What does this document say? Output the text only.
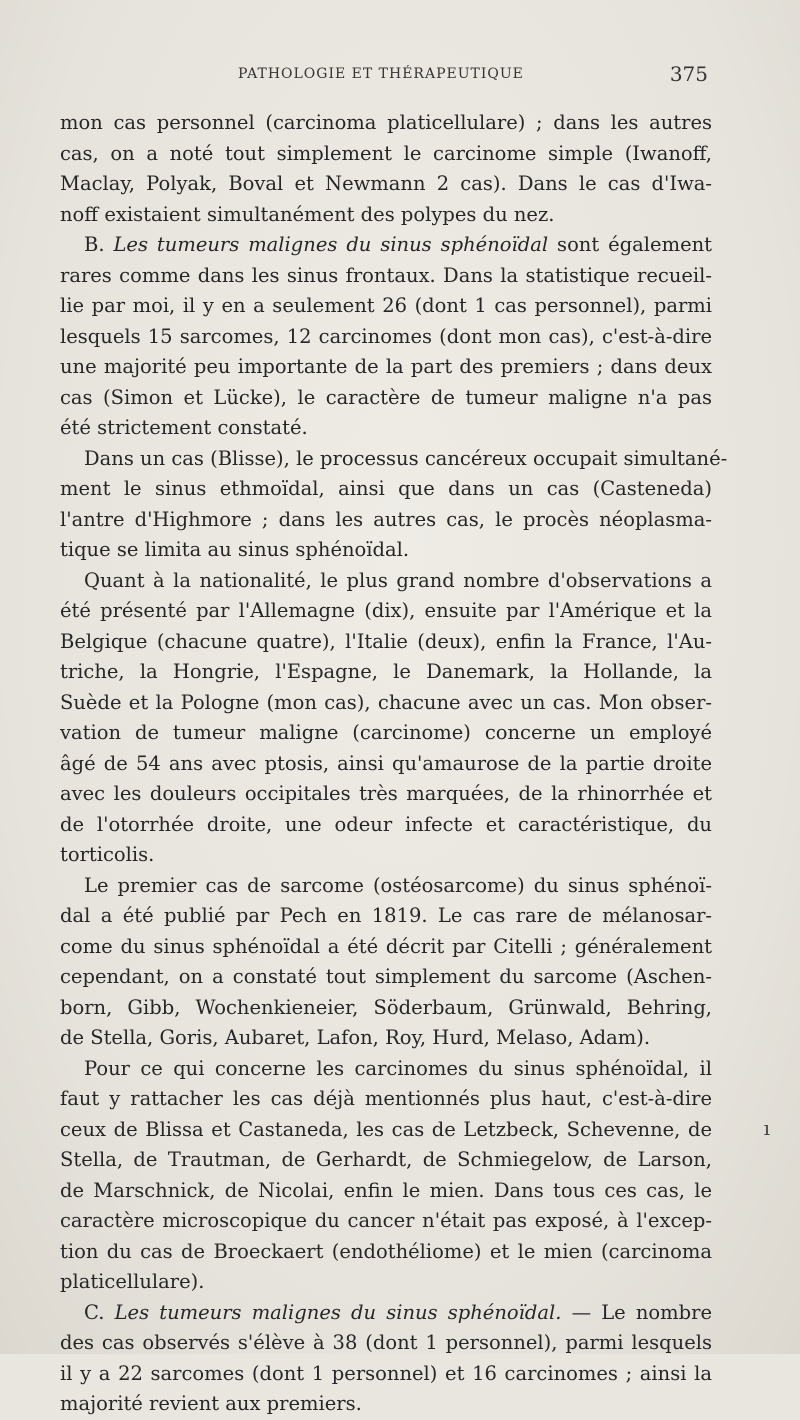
PATHOLOGIE ET THÉRAPEUTIQUE	375
mon cas personnel (carcinoma platicellulare) ; dans les autres
cas, on a noté tout simplement le carcinome simple (Iwanoff,
Maclay, Polyak, Boval et Newmann 2 cas). Dans le cas d'Iwa-
noff existaient simultanément des polypes du nez.
B. Les tumeurs malignes du sinus sphénoïdal sont également
rares comme dans les sinus frontaux. Dans la statistique recueil-
lie par moi, il y en a seulement 26 (dont 1 cas personnel), parmi
lesquels 15 sarcomes, 12 carcinomes (dont mon cas), c'est-à-dire
une majorité peu importante de la part des premiers ; dans deux
cas (Simon et Lücke), le caractère de tumeur maligne n'a pas
été strictement constaté.
Dans un cas (Blisse), le processus cancéreux occupait simultané-
ment le sinus ethmoïdal, ainsi que dans un cas (Casteneda)
l'antre d'Highmore ; dans les autres cas, le procès néoplasma-
tique se limita au sinus sphénoïdal.
Quant à la nationalité, le plus grand nombre d'observations a
été présenté par l'Allemagne (dix), ensuite par l'Amérique et la
Belgique (chacune quatre), l'Italie (deux), enfin la France, l'Au-
triche, la Hongrie, l'Espagne, le Danemark, la Hollande, la
Suède et la Pologne (mon cas), chacune avec un cas. Mon obser-
vation de tumeur maligne (carcinome) concerne un employé
âgé de 54 ans avec ptosis, ainsi qu'amaurose de la partie droite
avec les douleurs occipitales très marquées, de la rhinorrhée et
de l'otorrhée droite, une odeur infecte et caractéristique, du
torticolis.
Le premier cas de sarcome (ostéosarcome) du sinus sphénoï-
dal a été publié par Pech en 1819. Le cas rare de mélanosar-
come du sinus sphénoïdal a été décrit par Citelli ; généralement
cependant, on a constaté tout simplement du sarcome (Aschen-
born, Gibb, Wochenkieneier, Söderbaum, Grünwald, Behring,
de Stella, Goris, Aubaret, Lafon, Roy, Hurd, Melaso, Adam).
Pour ce qui concerne les carcinomes du sinus sphénoïdal, il
faut y rattacher les cas déjà mentionnés plus haut, c'est-à-dire
ceux de Blissa et Castaneda, les cas de Letzbeck, Schevenne, de
Stella, de Trautman, de Gerhardt, de Schmiegelow, de Larson,
de Marschnick, de Nicolai, enfin le mien. Dans tous ces cas, le
caractère microscopique du cancer n'était pas exposé, à l'excep-
tion du cas de Broeckaert (endothéliome) et le mien (carcinoma
platicellulare).
C. Les tumeurs malignes du sinus sphénoïdal. — Le nombre
des cas observés s'élève à 38 (dont 1 personnel), parmi lesquels
il y a 22 sarcomes (dont 1 personnel) et 16 carcinomes ; ainsi la
majorité revient aux premiers.
ı
